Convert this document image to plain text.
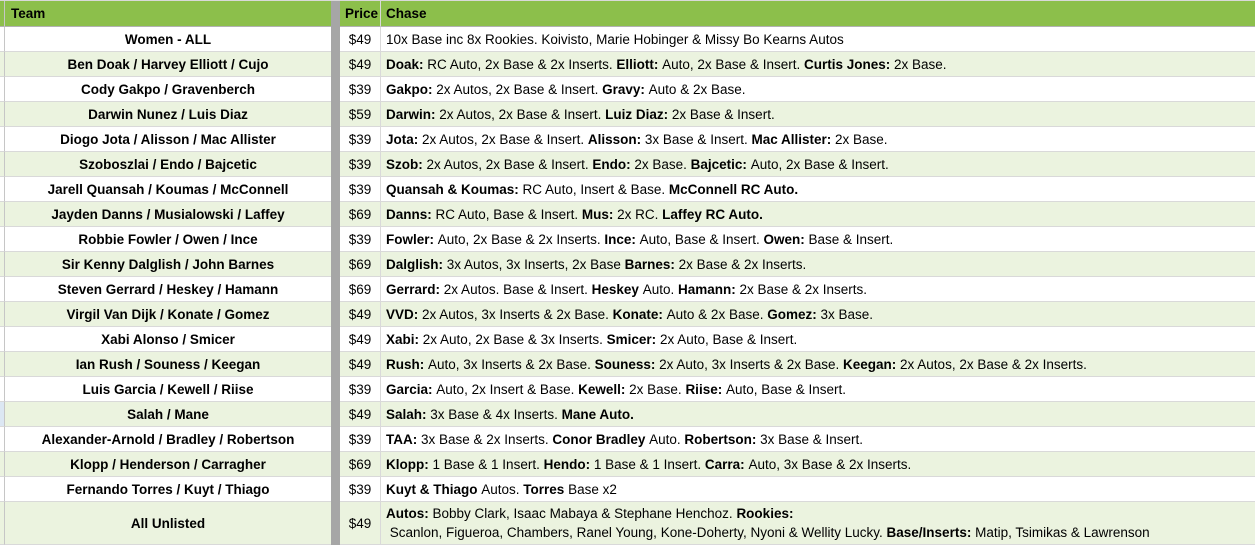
Team	Price Chase
Women - ALL	$49	10x Base inc 8x Rookies. Koivisto, Marie Hobinger & Missy Bo Kearns Autos
Ben Doak / Harvey Elliott / Cujo	$49	Doak: RC Auto, 2x Base & 2x Inserts. Elliott: Auto, 2x Base & Insert. Curtis Jones: 2x Base.
Cody Gakpo / Gravenberch	$39	Gakpo: 2x Autos, 2x Base & Insert. Gravy: Auto & 2x Base.
Darwin Nunez / Luis Diaz	$59	Darwin: 2x Autos, 2x Base & Insert. Luiz Diaz: 2x Base & Insert.
Diogo Jota / Alisson / Mac Allister	$39	Jota: 2x Autos, 2x Base & Insert. Alisson: 3x Base & Insert. Mac Allister: 2x Base.
Szoboszlai / Endo / Bajcetic	$39	Szob: 2x Autos, 2x Base & Insert. Endo: 2x Base. Bajcetic: Auto, 2x Base & Insert.
Jarell Quansah / Koumas / McConnell	$39	Quansah & Koumas: RC Auto, Insert & Base. McConnell RC Auto.
Jayden Danns / Musialowski / Laffey	$69	Danns: RC Auto, Base & Insert. Mus: 2x RC. Laffey RC Auto.
Robbie Fowler / Owen / Ince	$39	Fowler: Auto, 2x Base & 2x Inserts. Ince: Auto, Base & Insert. Owen: Base & Insert.
Sir Kenny Dalglish / John Barnes	$69	Dalglish: 3x Autos, 3x Inserts, 2x Base Barnes: 2x Base & 2x Inserts.
Steven Gerrard / Heskey / Hamann	$69	Gerrard: 2x Autos. Base & Insert. Heskey Auto. Hamann: 2x Base & 2x Inserts.
Virgil Van Dijk / Konate / Gomez	$49	VVD: 2x Autos, 3x Inserts & 2x Base. Konate: Auto & 2x Base. Gomez: 3x Base.
Xabi Alonso / Smicer	$49	Xabi: 2x Auto, 2x Base & 3x Inserts. Smicer: 2x Auto, Base & Insert.
Ian Rush / Souness / Keegan	$49	Rush: Auto, 3x Inserts & 2x Base. Souness: 2x Auto, 3x Inserts & 2x Base. Keegan: 2x Autos, 2x Base & 2x Inserts.
Luis Garcia / Kewell / Riise	$39	Garcia: Auto, 2x Insert & Base. Kewell: 2x Base. Riise: Auto, Base & Insert.
Salah / Mane	$49	Salah: 3x Base & 4x Inserts. Mane Auto.
Alexander-Arnold / Bradley / Robertson	$39	TAA: 3x Base & 2x Inserts. Conor Bradley Auto. Robertson: 3x Base & Insert.
Klopp / Henderson / Carragher	$69	Klopp: 1 Base & 1 Insert. Hendo: 1 Base & 1 Insert. Carra: Auto, 3x Base & 2x Inserts.
Fernando Torres / Kuyt / Thiago	$39	Kuyt & Thiago Autos. Torres Base x2
All Unlisted	$49
Autos: Bobby Clark, Isaac Mabaya & Stephane Henchoz. Rookies:
Scanlon, Figueroa, Chambers, Ranel Young, Kone-Doherty, Nyoni & Wellity Lucky. Base/Inserts: Matip, Tsimikas & Lawrenson
